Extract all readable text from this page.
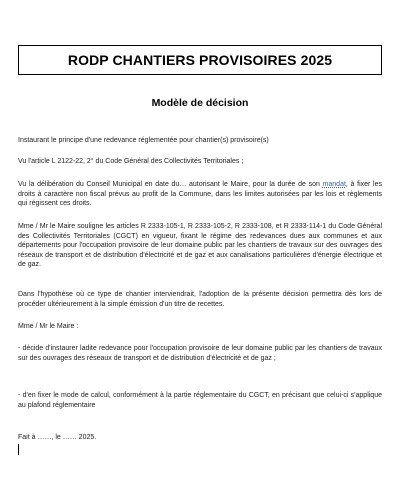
RODP CHANTIERS PROVISOIRES 2025
Modèle de décision
Instaurant le principe d'une redevance réglementée pour chantier(s) provisoire(s)
Vu l'article L 2122-22, 2° du Code Général des Collectivités Territoriales ;
Vu la délibération du Conseil Municipal en date du… autorisant le Maire, pour la durée de son mandat, à fixer les droits à caractère non fiscal prévus au profit de la Commune, dans les limites autorisées par les lois et règlements qui régissent ces droits.
Mme / Mr le Maire souligne les articles R 2333-105-1, R 2333-105-2, R 2333-108, et R 2333-114-1 du Code Général des Collectivités Territoriales (CGCT) en vigueur, fixant le régime des redevances dues aux communes et aux départements pour l'occupation provisoire de leur domaine public par les chantiers de travaux sur des ouvrages des réseaux de transport et de distribution d'électricité et de gaz et aux canalisations particulières d'énergie électrique et de gaz.
Dans l'hypothèse où ce type de chantier interviendrait, l'adoption de la présente décision permettra dès lors de procéder ultérieurement à la simple émission d'un titre de recettes.
Mme / Mr le Maire :
- décide d'instaurer ladite redevance pour l'occupation provisoire de leur domaine public par les chantiers de travaux sur des ouvrages des réseaux de transport et de distribution d'électricité et de gaz ;
- d'en fixer le mode de calcul, conformément à la partie réglementaire du CGCT, en précisant que celui-ci s'applique au plafond réglementaire
Fait à ……, le …… 2025.
